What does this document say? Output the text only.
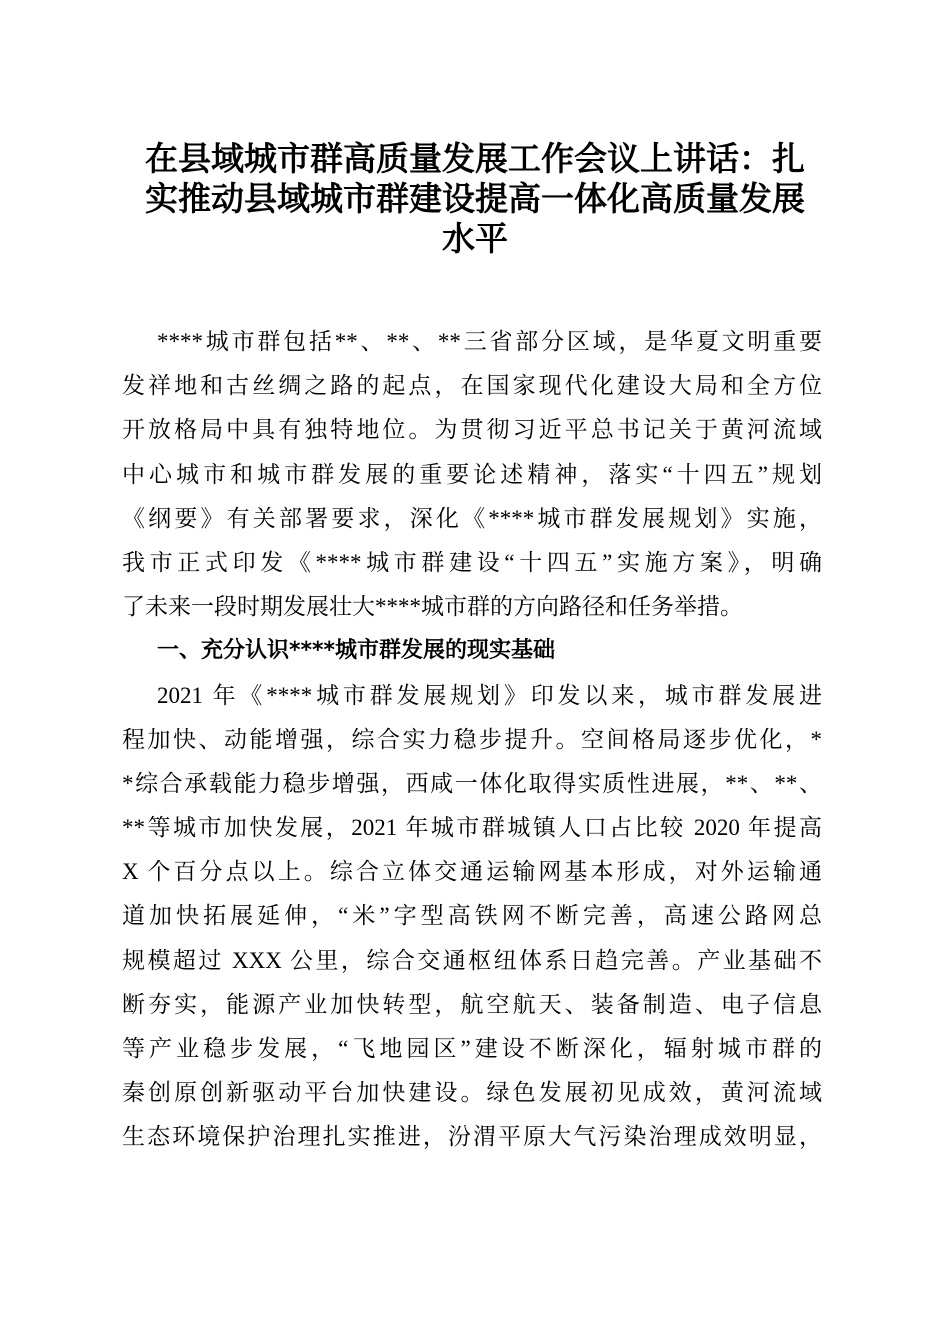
在县域城市群高质量发展工作会议上讲话：扎
实推动县域城市群建设提高一体化高质量发展
水平
****城市群包括**、**、**三省部分区域，是华夏文明重要
发祥地和古丝绸之路的起点，在国家现代化建设大局和全方位
开放格局中具有独特地位。为贯彻习近平总书记关于黄河流域
中心城市和城市群发展的重要论述精神，落实“十四五”规划
《纲要》有关部署要求，深化《****城市群发展规划》实施，
我市正式印发《****城市群建设“十四五”实施方案》，明确
了未来一段时期发展壮大****城市群的方向路径和任务举措。
一、充分认识****城市群发展的现实基础
2021 年《****城市群发展规划》印发以来，城市群发展进
程加快、动能增强，综合实力稳步提升。空间格局逐步优化，*
*综合承载能力稳步增强，西咸一体化取得实质性进展，**、**、
**等城市加快发展，2021 年城市群城镇人口占比较 2020 年提高
X 个百分点以上。综合立体交通运输网基本形成，对外运输通
道加快拓展延伸，“米”字型高铁网不断完善，高速公路网总
规模超过 XXX 公里，综合交通枢纽体系日趋完善。产业基础不
断夯实，能源产业加快转型，航空航天、装备制造、电子信息
等产业稳步发展，“飞地园区”建设不断深化，辐射城市群的
秦创原创新驱动平台加快建设。绿色发展初见成效，黄河流域
生态环境保护治理扎实推进，汾渭平原大气污染治理成效明显，
